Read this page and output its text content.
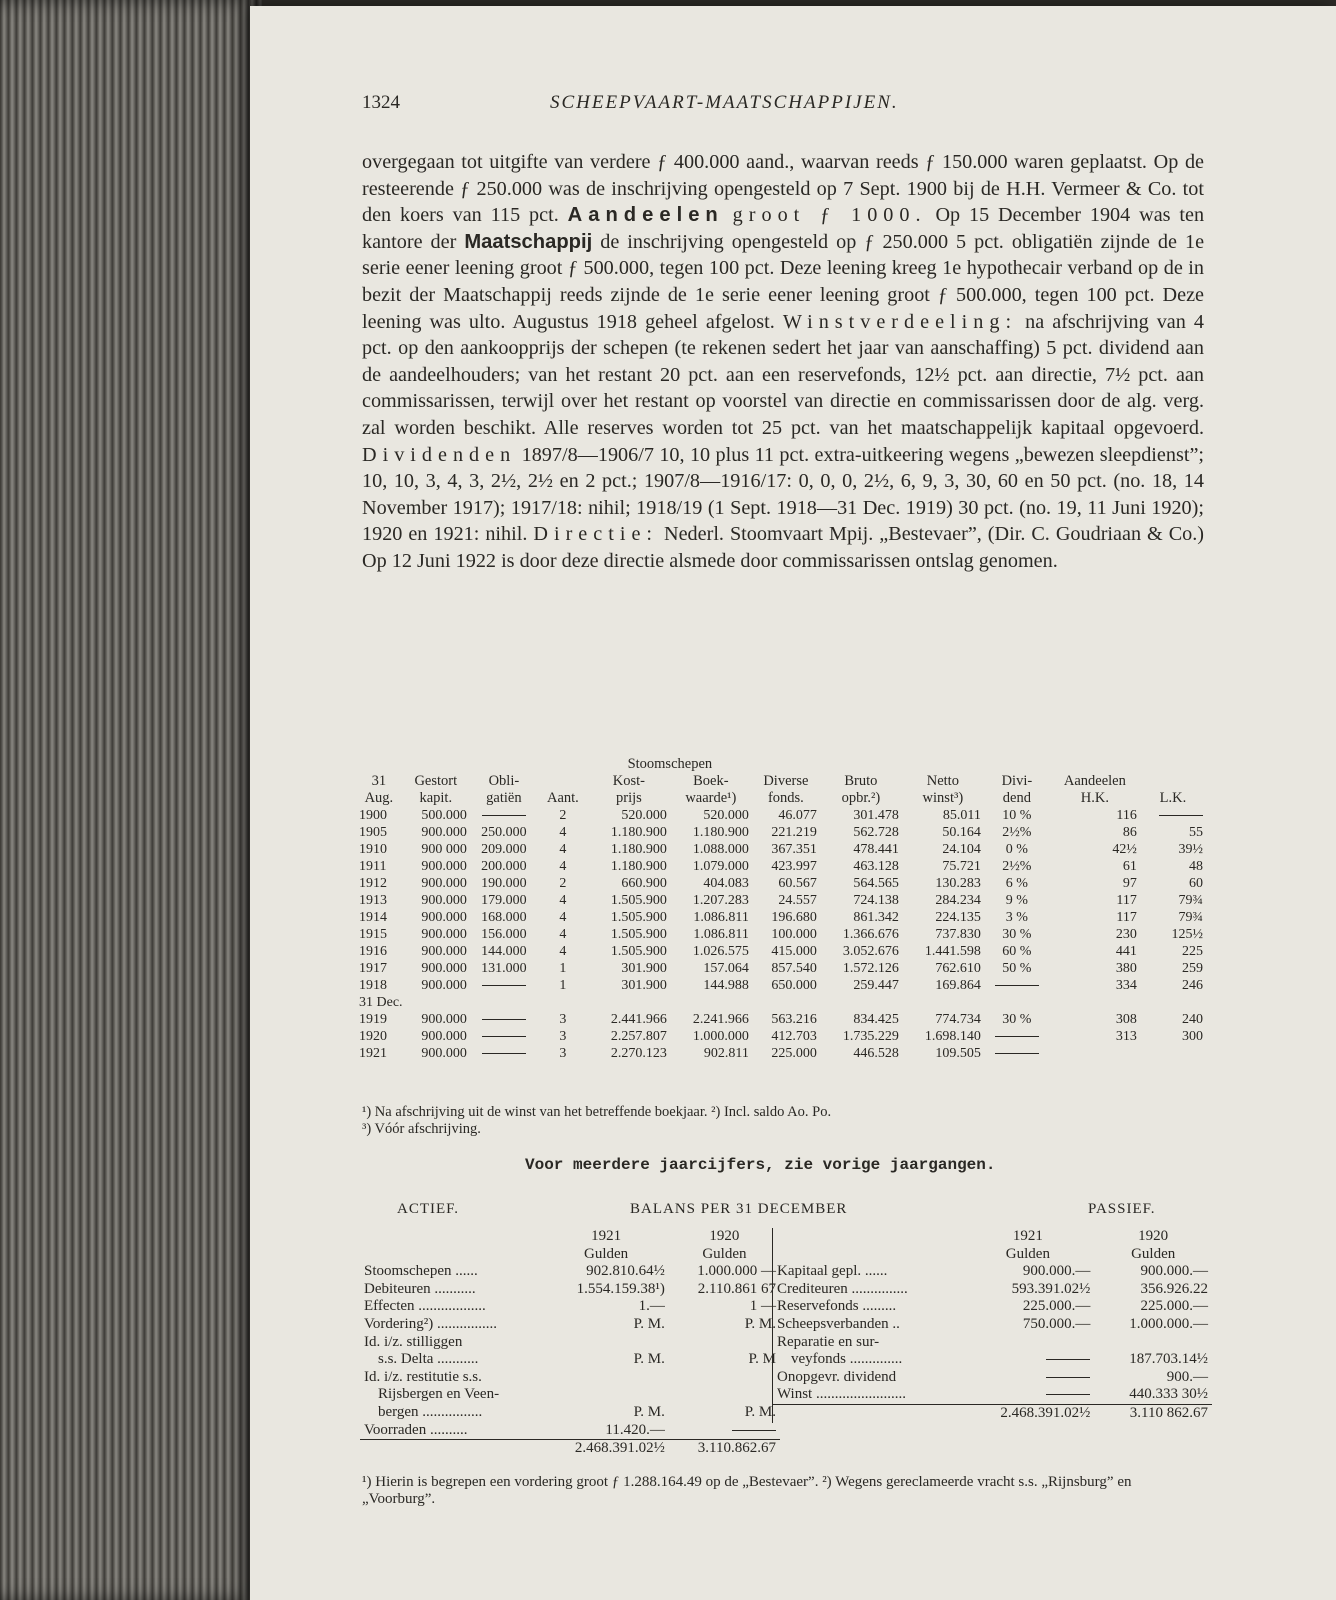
1324	SCHEEPVAART-MAATSCHAPPIJEN.
overgegaan tot uitgifte van verdere ƒ 400.000 aand., waarvan reeds ƒ 150.000 waren geplaatst. Op de resteerende ƒ 250.000 was de inschrijving opengesteld op 7 Sept. 1900 bij de H.H. Vermeer & Co. tot den koers van 115 pct. Aandeelen groot ƒ 1000. Op 15 December 1904 was ten kantore der Maatschappij de inschrijving opengesteld op ƒ 250.000 5 pct. obligatiën zijnde de 1e serie eener leening groot ƒ 500.000, tegen 100 pct. Deze leening kreeg 1e hypothecair verband op de in bezit der Maatschappij reeds zijnde de 1e serie eener leening groot ƒ 500.000, tegen 100 pct. Deze leening was ulto. Augustus 1918 geheel afgelost. Winstverdeeling: na afschrijving van 4 pct. op den aankoopprijs der schepen (te rekenen sedert het jaar van aanschaffing) 5 pct. dividend aan de aandeelhouders; van het restant 20 pct. aan een reservefonds, 12½ pct. aan directie, 7½ pct. aan commissarissen, terwijl over het restant op voorstel van directie en commissarissen door de alg. verg. zal worden beschikt. Alle reserves worden tot 25 pct. van het maatschappelijk kapitaal opgevoerd. Dividenden 1897/8—1906/7 10, 10 plus 11 pct. extra-uitkeering wegens „bewezen sleepdienst”; 10, 10, 3, 4, 3, 2½, 2½ en 2 pct.; 1907/8—1916/17: 0, 0, 0, 2½, 6, 9, 3, 30, 60 en 50 pct. (no. 18, 14 November 1917); 1917/18: nihil; 1918/19 (1 Sept. 1918—31 Dec. 1919) 30 pct. (no. 19, 11 Juni 1920); 1920 en 1921: nihil. Directie: Nederl. Stoomvaart Mpij. „Bestevaer”, (Dir. C. Goudriaan & Co.) Op 12 Juni 1922 is door deze directie alsmede door commissarissen ontslag genomen.
				Stoomschepen							
31	Gestort	Obli-		Kost-	Boek-	Diverse	Bruto	Netto	Divi-	Aandeelen	
Aug.	kapit.	gatiën	Aant.	prijs	waarde¹)	fonds.	opbr.²)	winst³)	dend	H.K.	L.K.
1900	500.000		2	520.000	520.000	46.077	301.478	85.011	10 %	116	
1905	900.000	250.000	4	1.180.900	1.180.900	221.219	562.728	50.164	2½%	86	55
1910	900 000	209.000	4	1.180.900	1.088.000	367.351	478.441	24.104	0 %	42½	39½
1911	900.000	200.000	4	1.180.900	1.079.000	423.997	463.128	75.721	2½%	61	48
1912	900.000	190.000	2	660.900	404.083	60.567	564.565	130.283	6 %	97	60
1913	900.000	179.000	4	1.505.900	1.207.283	24.557	724.138	284.234	9 %	117	79¾
1914	900.000	168.000	4	1.505.900	1.086.811	196.680	861.342	224.135	3 %	117	79¾
1915	900.000	156.000	4	1.505.900	1.086.811	100.000	1.366.676	737.830	30 %	230	125½
1916	900.000	144.000	4	1.505.900	1.026.575	415.000	3.052.676	1.441.598	60 %	441	225
1917	900.000	131.000	1	301.900	157.064	857.540	1.572.126	762.610	50 %	380	259
1918	900.000		1	301.900	144.988	650.000	259.447	169.864		334	246
31 Dec.											
1919	900.000		3	2.441.966	2.241.966	563.216	834.425	774.734	30 %	308	240
1920	900.000		3	2.257.807	1.000.000	412.703	1.735.229	1.698.140		313	300
1921	900.000		3	2.270.123	902.811	225.000	446.528	109.505			
¹) Na afschrijving uit de winst van het betreffende boekjaar. ²) Incl. saldo Ao. Po.
³) Vóór afschrijving.
Voor meerdere jaarcijfers, zie vorige jaargangen.
ACTIEF.	BALANS PER 31 DECEMBER	PASSIEF.
	1921	1920
	Gulden	Gulden
Stoomschepen ......	902.810.64½	1.000.000 —
Debiteuren ...........	1.554.159.38¹)	2.110.861 67
Effecten ..................	1.—	1 —
Vordering²) ................	P. M.	P. M.
Id. i/z. stilliggen		
s.s. Delta ...........	P. M.	P. M
Id. i/z. restitutie s.s.		
Rijsbergen en Veen-		
bergen ................	P. M.	P. M.
Voorraden ..........	11.420.—	
	2.468.391.02½	3.110.862.67
	1921	1920
	Gulden	Gulden
Kapitaal gepl. ......	900.000.—	900.000.—
Crediteuren ...............	593.391.02½	356.926.22
Reservefonds .........	225.000.—	225.000.—
Scheepsverbanden ..	750.000.—	1.000.000.—
Reparatie en sur-		
veyfonds ..............		187.703.14½
Onopgevr. dividend		900.—
Winst ........................		440.333 30½
	2.468.391.02½	3.110 862.67
¹) Hierin is begrepen een vordering groot ƒ 1.288.164.49 op de „Bestevaer”. ²) Wegens gereclameerde vracht s.s. „Rijnsburg” en „Voorburg”.
